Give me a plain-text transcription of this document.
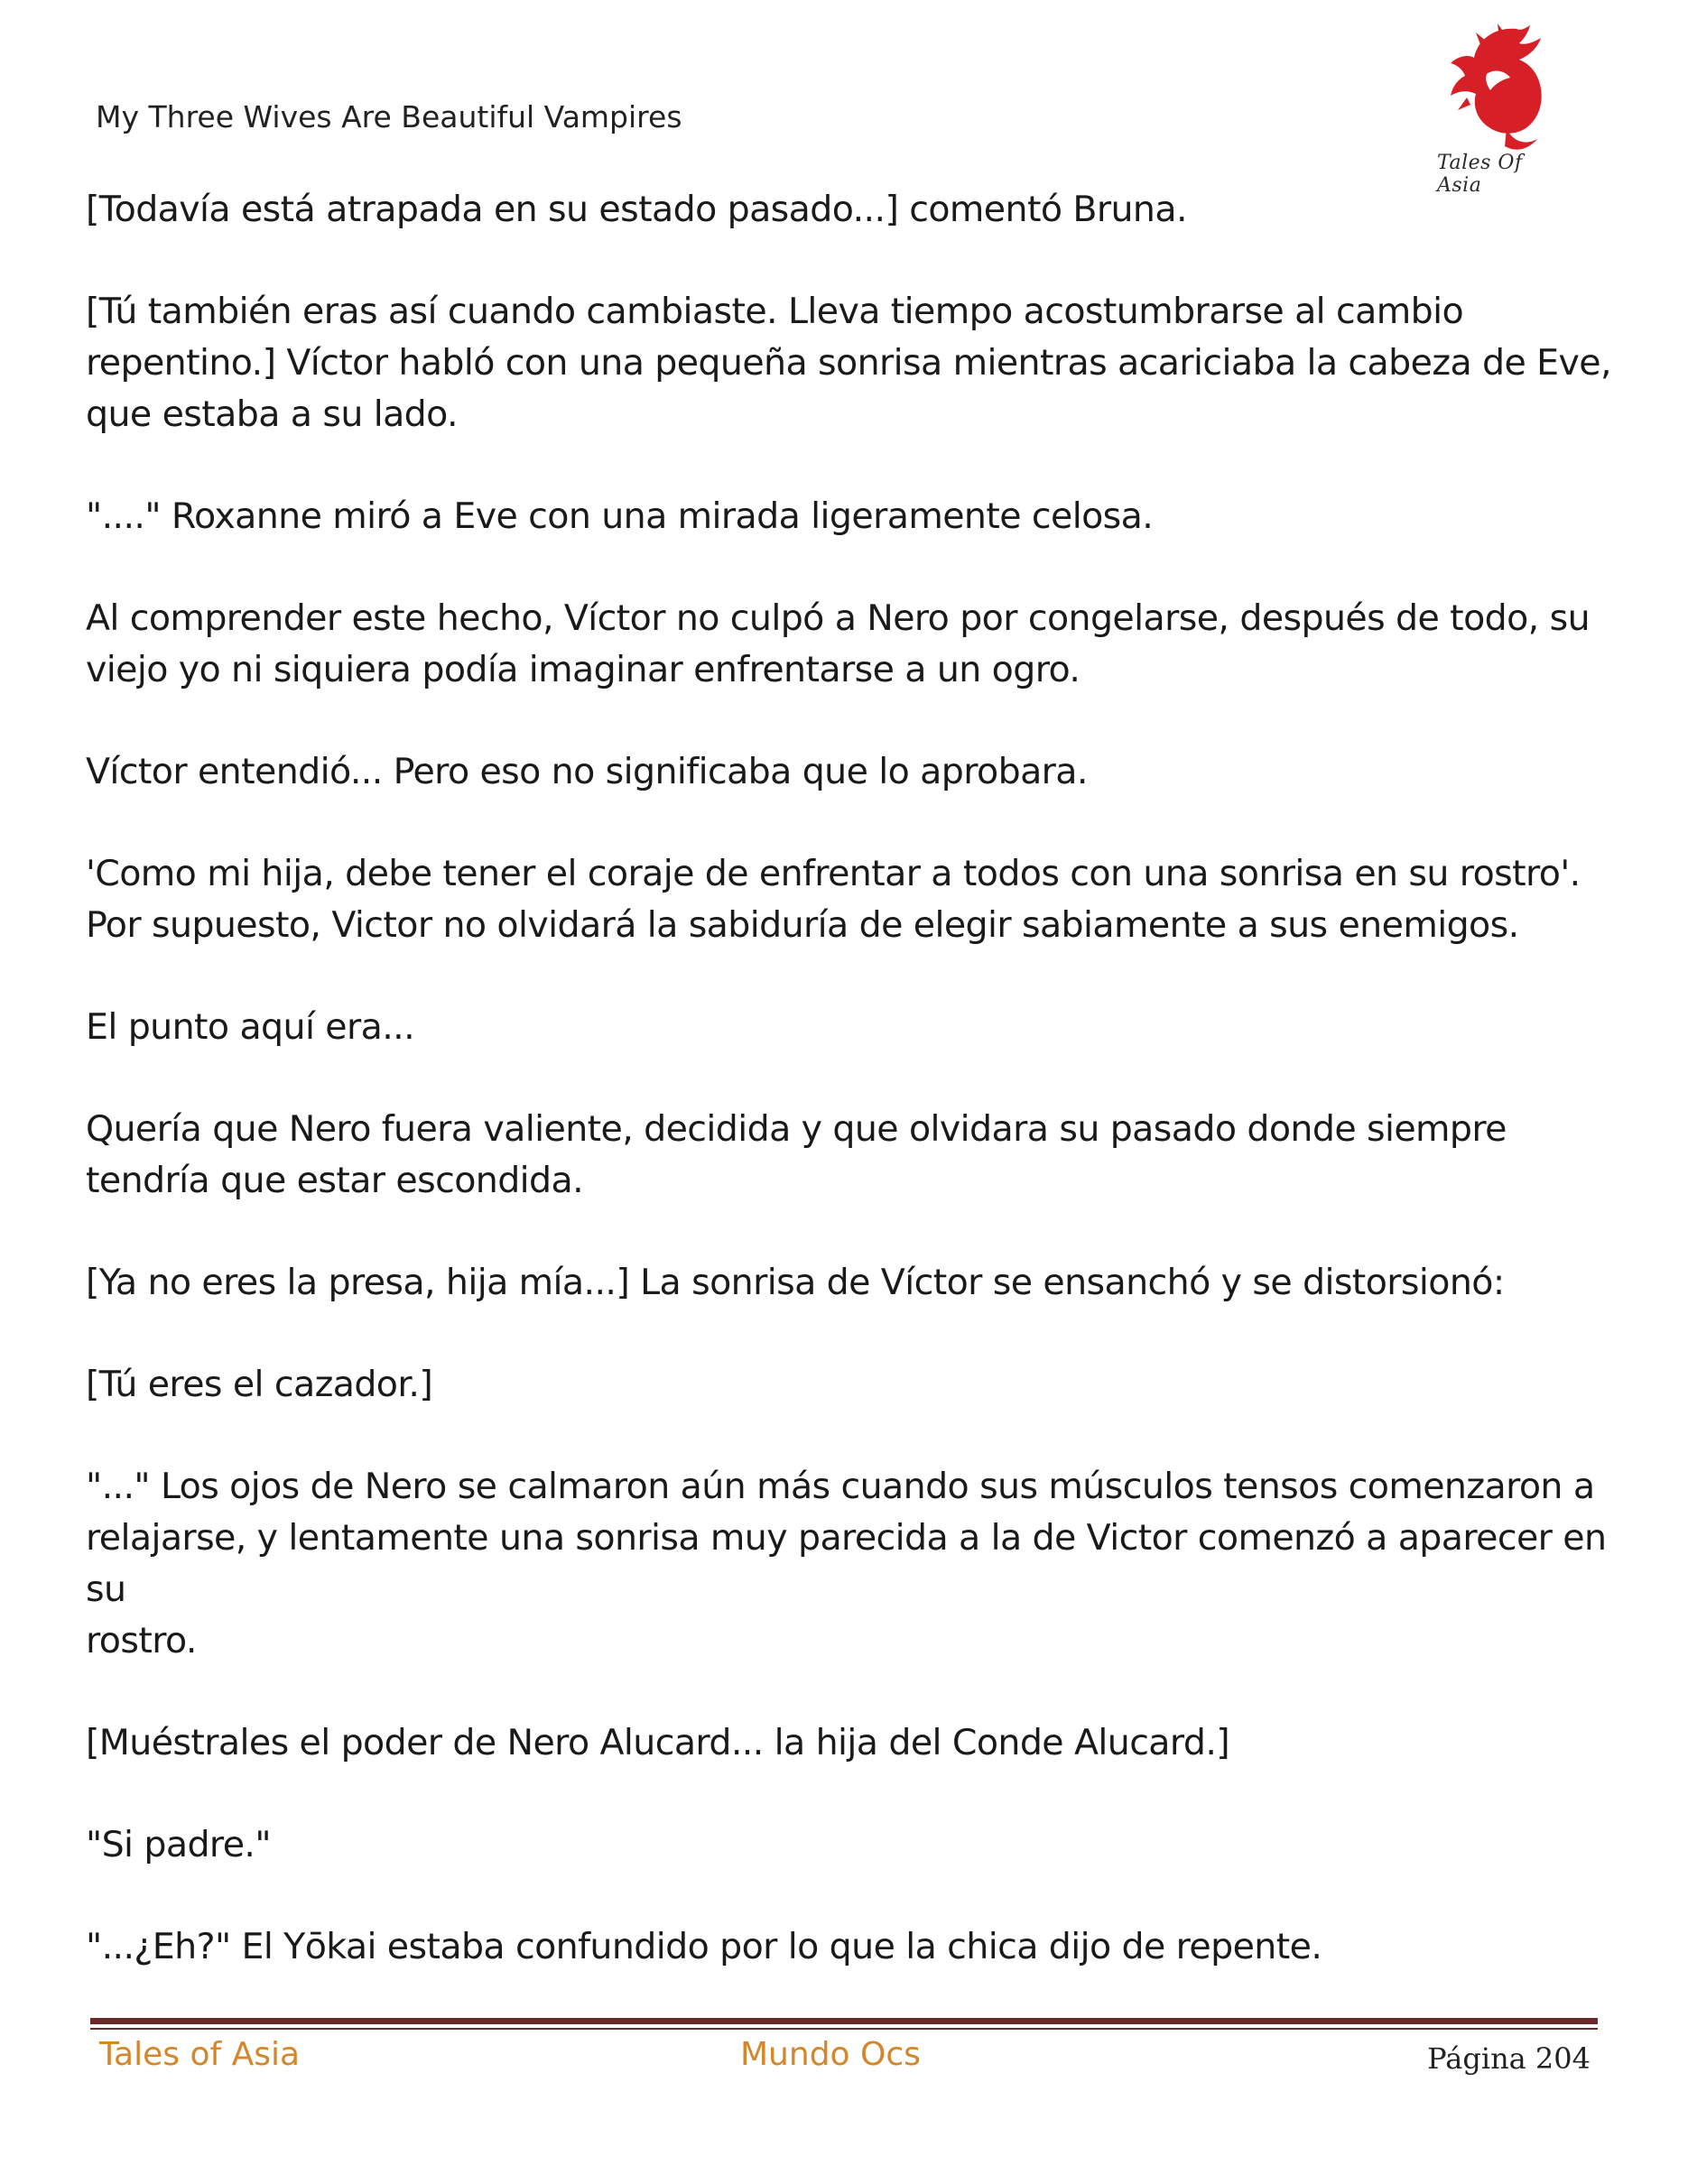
My Three Wives Are Beautiful Vampires
Tales Of Asia

[Todavía está atrapada en su estado pasado...] comentó Bruna.

[Tú también eras así cuando cambiaste. Lleva tiempo acostumbrarse al cambio
repentino.] Víctor habló con una pequeña sonrisa mientras acariciaba la cabeza de Eve,
que estaba a su lado.

"...." Roxanne miró a Eve con una mirada ligeramente celosa.

Al comprender este hecho, Víctor no culpó a Nero por congelarse, después de todo, su
viejo yo ni siquiera podía imaginar enfrentarse a un ogro.

Víctor entendió... Pero eso no significaba que lo aprobara.

'Como mi hija, debe tener el coraje de enfrentar a todos con una sonrisa en su rostro'.
Por supuesto, Victor no olvidará la sabiduría de elegir sabiamente a sus enemigos.

El punto aquí era...

Quería que Nero fuera valiente, decidida y que olvidara su pasado donde siempre
tendría que estar escondida.

[Ya no eres la presa, hija mía...] La sonrisa de Víctor se ensanchó y se distorsionó:

[Tú eres el cazador.]

"..." Los ojos de Nero se calmaron aún más cuando sus músculos tensos comenzaron a
relajarse, y lentamente una sonrisa muy parecida a la de Victor comenzó a aparecer en su
rostro.

[Muéstrales el poder de Nero Alucard... la hija del Conde Alucard.]

"Si padre."

"...¿Eh?" El Yōkai estaba confundido por lo que la chica dijo de repente.

Tales of Asia	Mundo Ocs	Página 204
